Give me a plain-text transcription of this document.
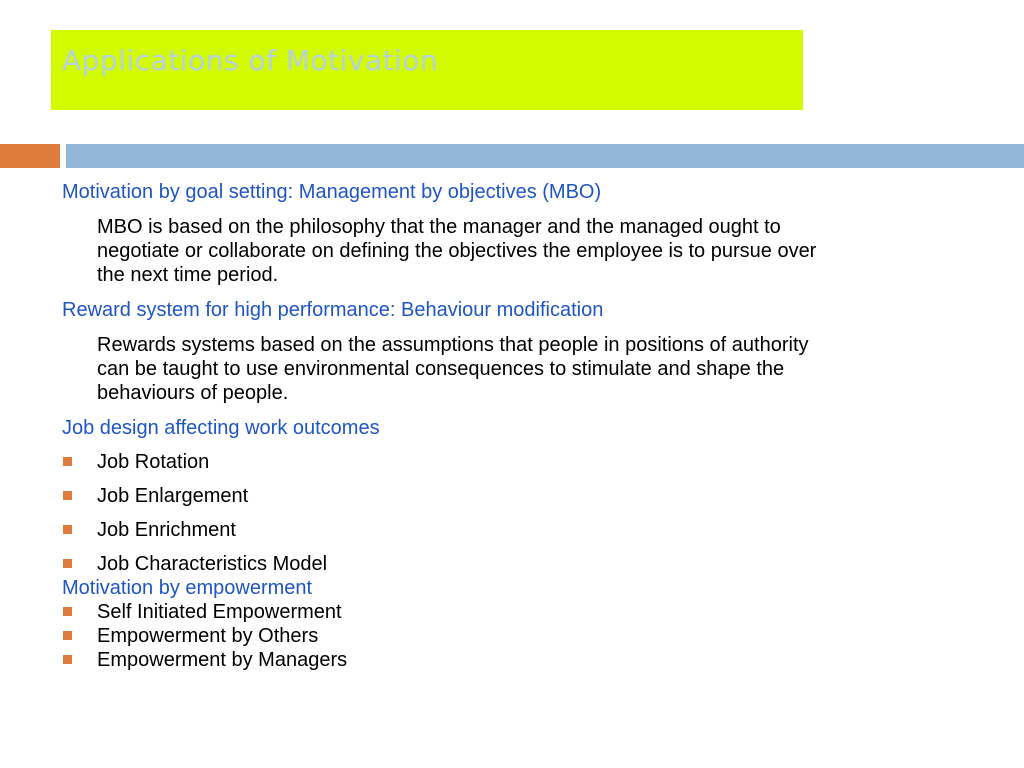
Applications of Motivation

Motivation by goal setting: Management by objectives (MBO)

MBO is based on the philosophy that the manager and the managed ought to negotiate or collaborate on defining the objectives the employee is to pursue over the next time period.

Reward system for high performance: Behaviour modification

Rewards systems based on the assumptions that people in positions of authority can be taught to use environmental consequences to stimulate and shape the behaviours of people.

Job design affecting work outcomes

Job Rotation

Job Enlargement

Job Enrichment

Job Characteristics Model

Motivation by empowerment

Self Initiated Empowerment

Empowerment by Others

Empowerment by Managers
